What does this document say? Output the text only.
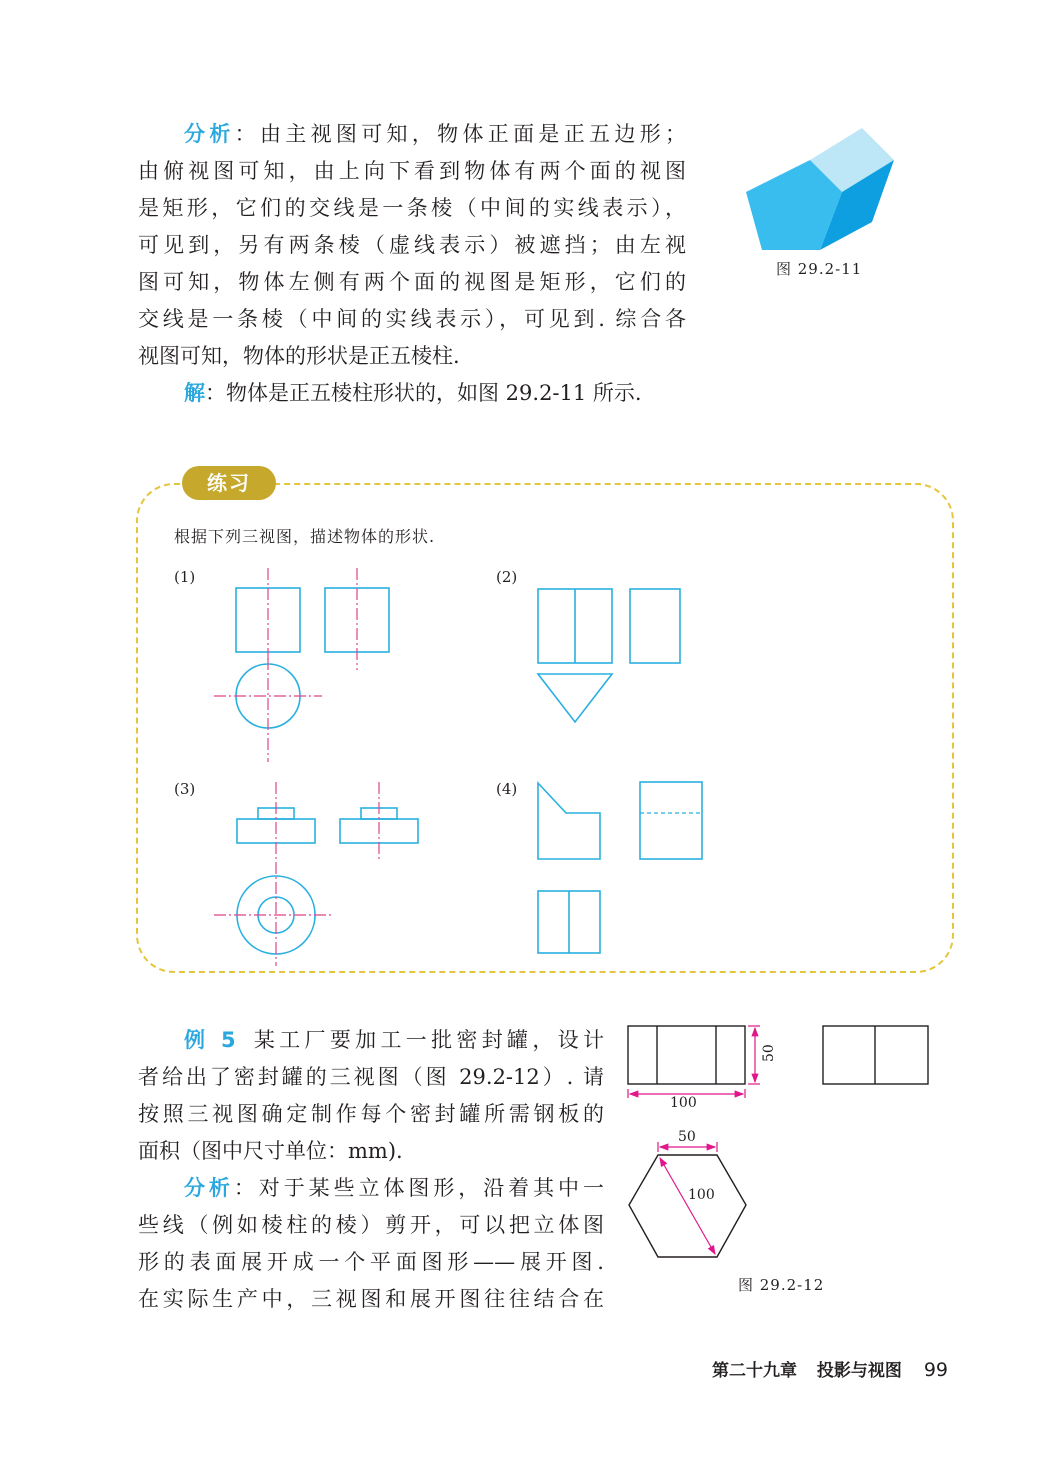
分析：由主视图可知，物体正面是正五边形；
由俯视图可知，由上向下看到物体有两个面的视图
是矩形，它们的交线是一条棱（中间的实线表示），
可见到，另有两条棱（虚线表示）被遮挡；由左视
图可知，物体左侧有两个面的视图是矩形，它们的
交线是一条棱（中间的实线表示），可见到. 综合各
视图可知，物体的形状是正五棱柱.
解：物体是正五棱柱形状的，如图 29.2-11 所示.
图 29.2-11
练习
根据下列三视图，描述物体的形状.
(1)	(2)
(3)	(4)
例 5 某工厂要加工一批密封罐，设计
者给出了密封罐的三视图（图 29.2-12）. 请
按照三视图确定制作每个密封罐所需钢板的
面积（图中尺寸单位：mm).
分析：对于某些立体图形，沿着其中一
些线（例如棱柱的棱）剪开，可以把立体图
形的表面展开成一个平面图形——展开图.
在实际生产中，三视图和展开图往往结合在
100
50
50
100
图 29.2-12
第二十九章 投影与视图 99
